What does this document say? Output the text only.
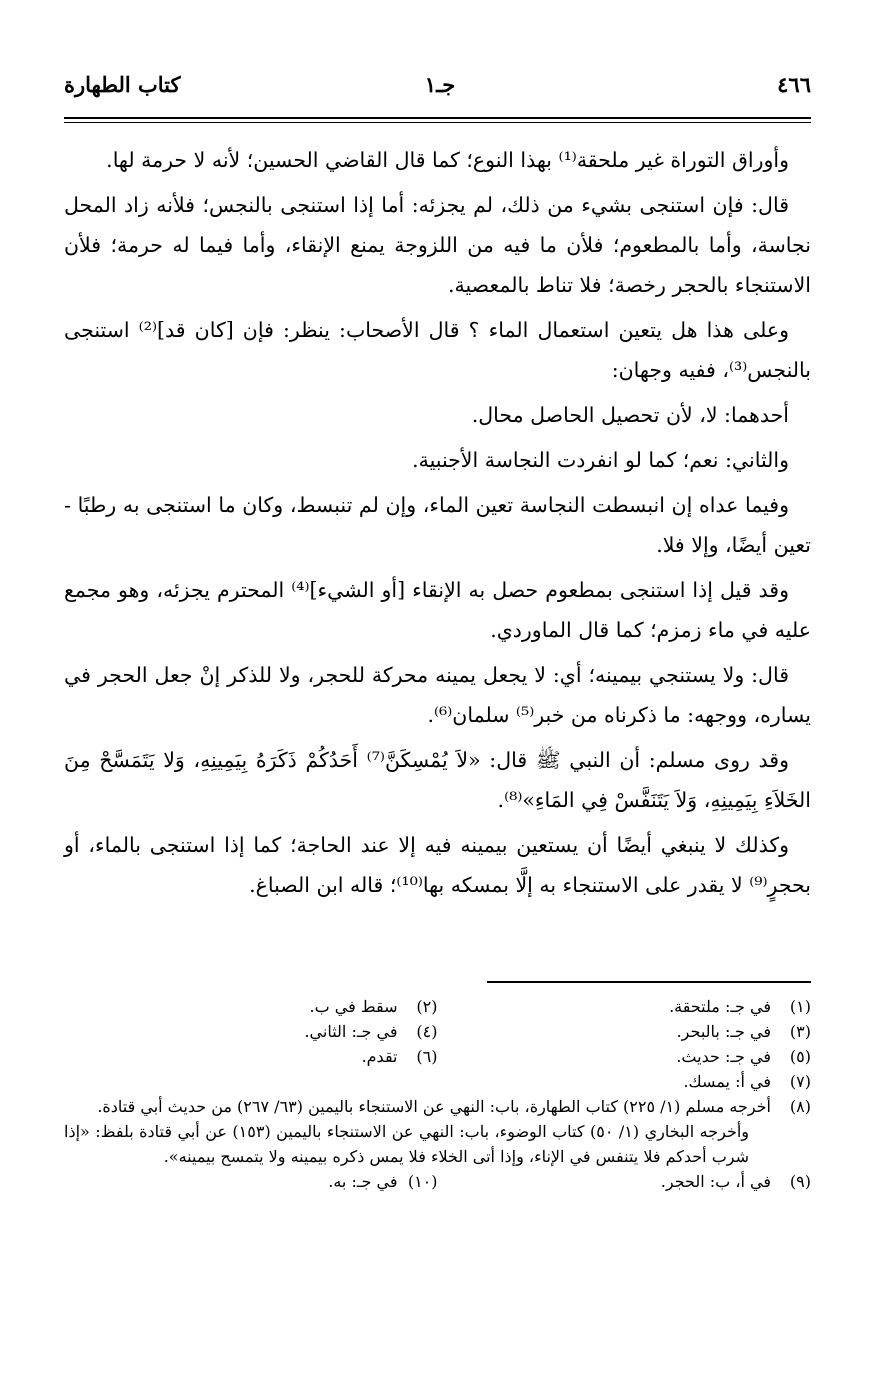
٤٦٦
جـ١
كتاب الطهارة

وأوراق التوراة غير ملحقة⁽¹⁾ بهذا النوع؛ كما قال القاضي الحسين؛ لأنه لا حرمة لها.

قال: فإن استنجى بشيء من ذلك، لم يجزئه: أما إذا استنجى بالنجس؛ فلأنه زاد المحل نجاسة، وأما بالمطعوم؛ فلأن ما فيه من اللزوجة يمنع الإنقاء، وأما فيما له حرمة؛ فلأن الاستنجاء بالحجر رخصة؛ فلا تناط بالمعصية.

وعلى هذا هل يتعين استعمال الماء ؟ قال الأصحاب: ينظر: فإن [كان قد]⁽²⁾ استنجى بالنجس⁽³⁾، ففيه وجهان:

أحدهما: لا، لأن تحصيل الحاصل محال.

والثاني: نعم؛ كما لو انفردت النجاسة الأجنبية.

وفيما عداه إن انبسطت النجاسة تعين الماء، وإن لم تنبسط، وكان ما استنجى به رطبًا - تعين أيضًا، وإلا فلا.

وقد قيل إذا استنجى بمطعوم حصل به الإنقاء [أو الشيء]⁽⁴⁾ المحترم يجزئه، وهو مجمع عليه في ماء زمزم؛ كما قال الماوردي.

قال: ولا يستنجي بيمينه؛ أي: لا يجعل يمينه محركة للحجر، ولا للذكر إنْ جعل الحجر في يساره، ووجهه: ما ذكرناه من خبر⁽⁵⁾ سلمان⁽⁶⁾.

وقد روى مسلم: أن النبي ﷺ قال: «لاَ يُمْسِكَنَّ⁽⁷⁾ أَحَدُكُمْ ذَكَرَهُ بِيَمِينِهِ، وَلا يَتَمَسَّحْ مِنَ الخَلاَءِ بِيَمِينِهِ، وَلاَ يَتَنَفَّسْ فِي المَاءِ»⁽⁸⁾.

وكذلك لا ينبغي أيضًا أن يستعين بيمينه فيه إلا عند الحاجة؛ كما إذا استنجى بالماء، أو بحجرٍ⁽⁹⁾ لا يقدر على الاستنجاء به إلَّا بمسكه بها⁽¹⁰⁾؛ قاله ابن الصباغ.

(١)
في جـ: ملتحقة.
(٢)
سقط في ب.
(٣)
في جـ: بالبحر.
(٤)
في جـ: الثاني.
(٥)
في جـ: حديث.
(٦)
تقدم.
(٧)
في أ: يمسك.
(٨)
أخرجه مسلم (١/ ٢٢٥) كتاب الطهارة، باب: النهي عن الاستنجاء باليمين (٦٣/ ٢٦٧) من حديث أبي قتادة.
وأخرجه البخاري (١/ ٥٠) كتاب الوضوء، باب: النهي عن الاستنجاء باليمين (١٥٣) عن أبي قتادة بلفظ: «إذا شرب أحدكم فلا يتنفس في الإناء، وإذا أتى الخلاء فلا يمس ذكره بيمينه ولا يتمسح بيمينه».
(٩)
في أ، ب: الحجر.
(١٠)
في جـ: به.
